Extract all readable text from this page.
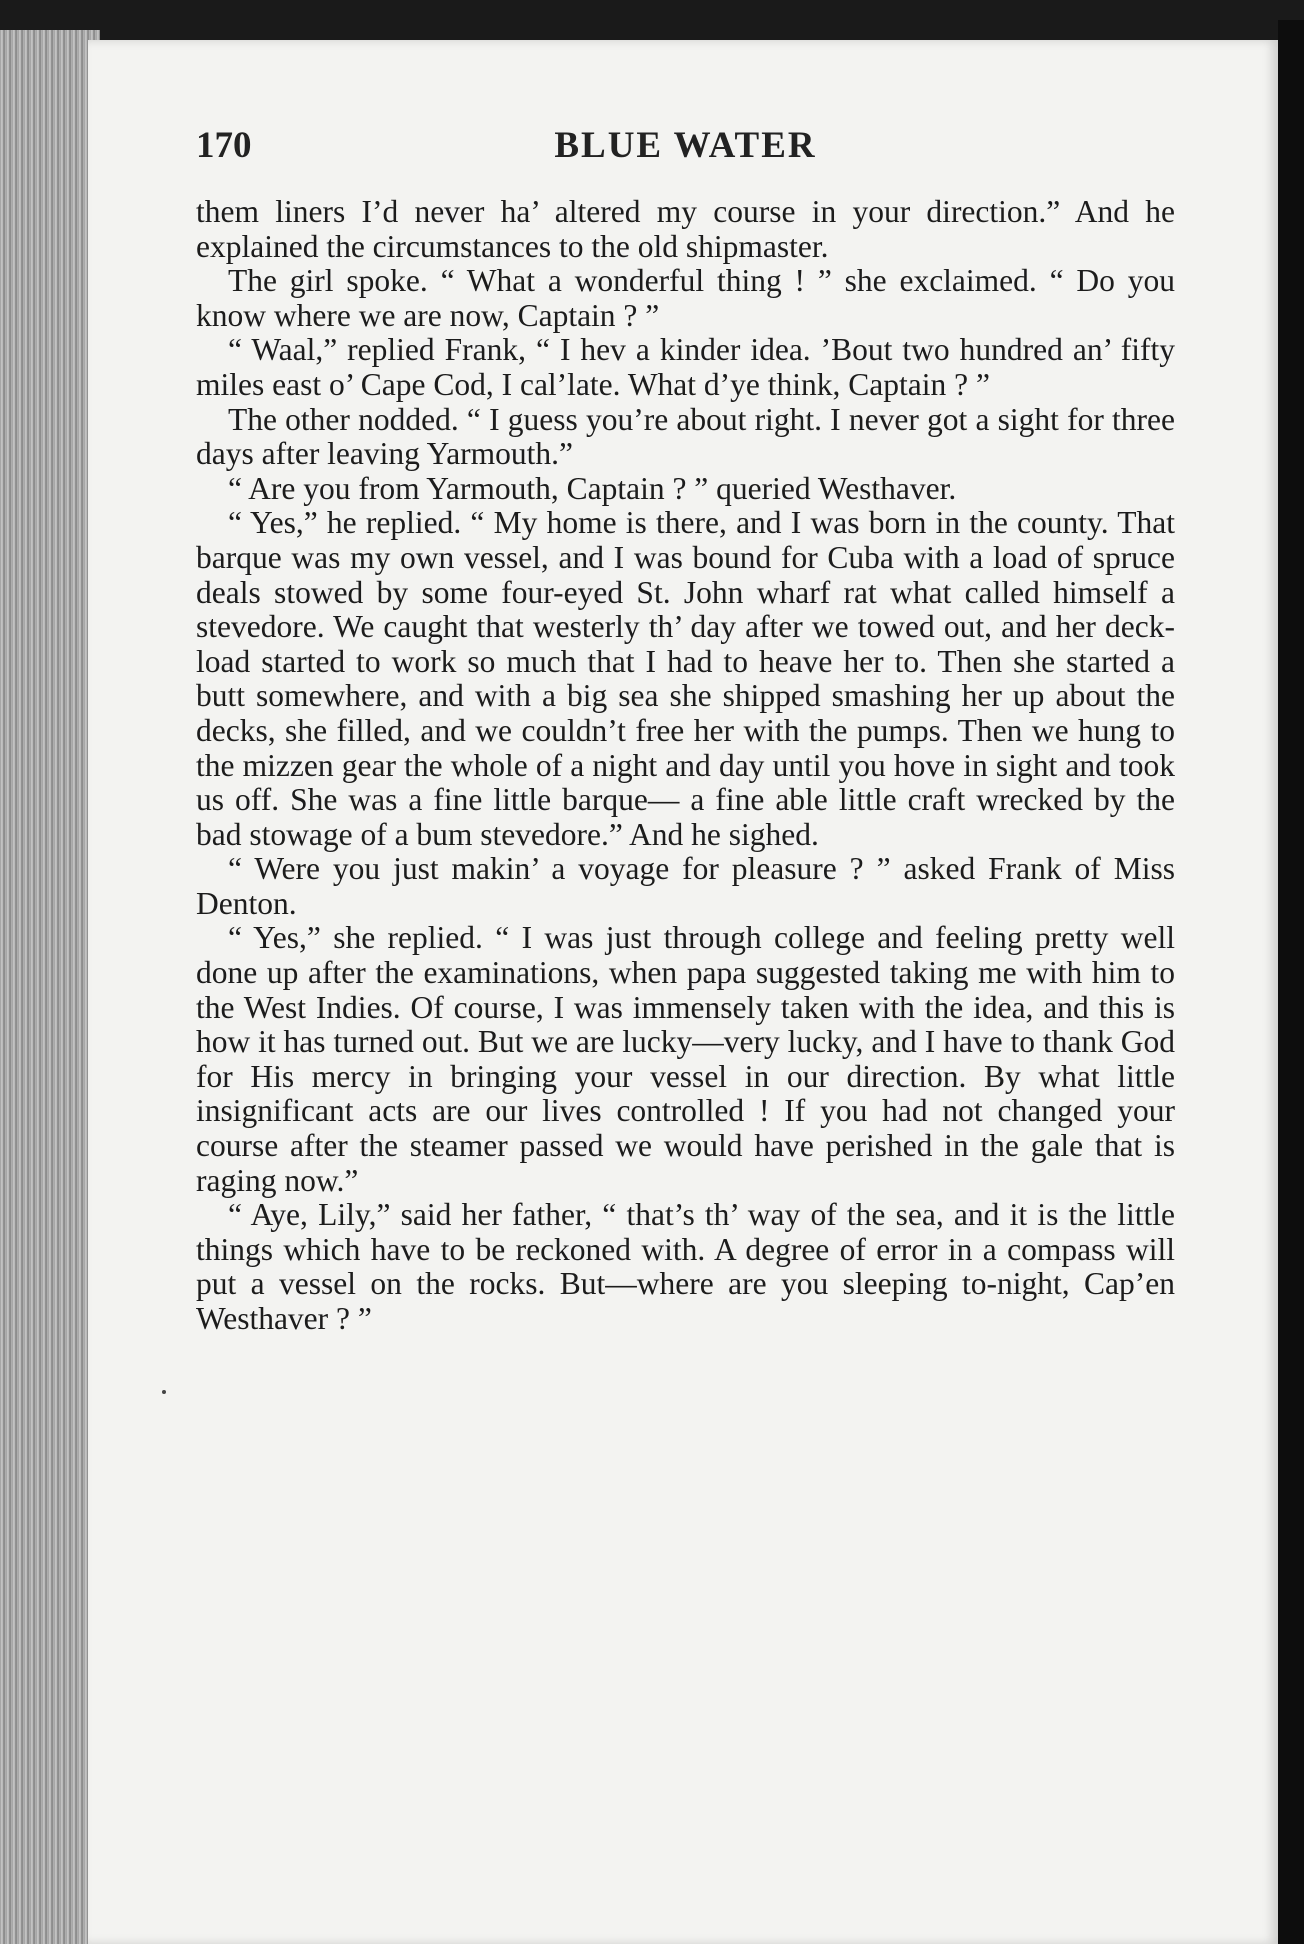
170	BLUE WATER

them liners I’d never ha’ altered my course in your direction.” And he explained the circumstances to the old shipmaster.

The girl spoke. “ What a wonderful thing ! ” she exclaimed. “ Do you know where we are now, Captain ? ”

“ Waal,” replied Frank, “ I hev a kinder idea. ’Bout two hundred an’ fifty miles east o’ Cape Cod, I cal’late. What d’ye think, Captain ? ”

The other nodded. “ I guess you’re about right. I never got a sight for three days after leaving Yarmouth.”

“ Are you from Yarmouth, Captain ? ” queried Westhaver.

“ Yes,” he replied. “ My home is there, and I was born in the county. That barque was my own vessel, and I was bound for Cuba with a load of spruce deals stowed by some four-eyed St. John wharf rat what called himself a stevedore. We caught that westerly th’ day after we towed out, and her deck-load started to work so much that I had to heave her to. Then she started a butt somewhere, and with a big sea she shipped smashing her up about the decks, she filled, and we couldn’t free her with the pumps. Then we hung to the mizzen gear the whole of a night and day until you hove in sight and took us off. She was a fine little barque— a fine able little craft wrecked by the bad stowage of a bum stevedore.” And he sighed.

“ Were you just makin’ a voyage for pleasure ? ” asked Frank of Miss Denton.

“ Yes,” she replied. “ I was just through college and feeling pretty well done up after the examinations, when papa suggested taking me with him to the West Indies. Of course, I was immensely taken with the idea, and this is how it has turned out. But we are lucky—very lucky, and I have to thank God for His mercy in bringing your vessel in our direction. By what little insignificant acts are our lives controlled ! If you had not changed your course after the steamer passed we would have perished in the gale that is raging now.”

“ Aye, Lily,” said her father, “ that’s th’ way of the sea, and it is the little things which have to be reckoned with. A degree of error in a compass will put a vessel on the rocks. But—where are you sleeping to-night, Cap’en Westhaver ? ”
